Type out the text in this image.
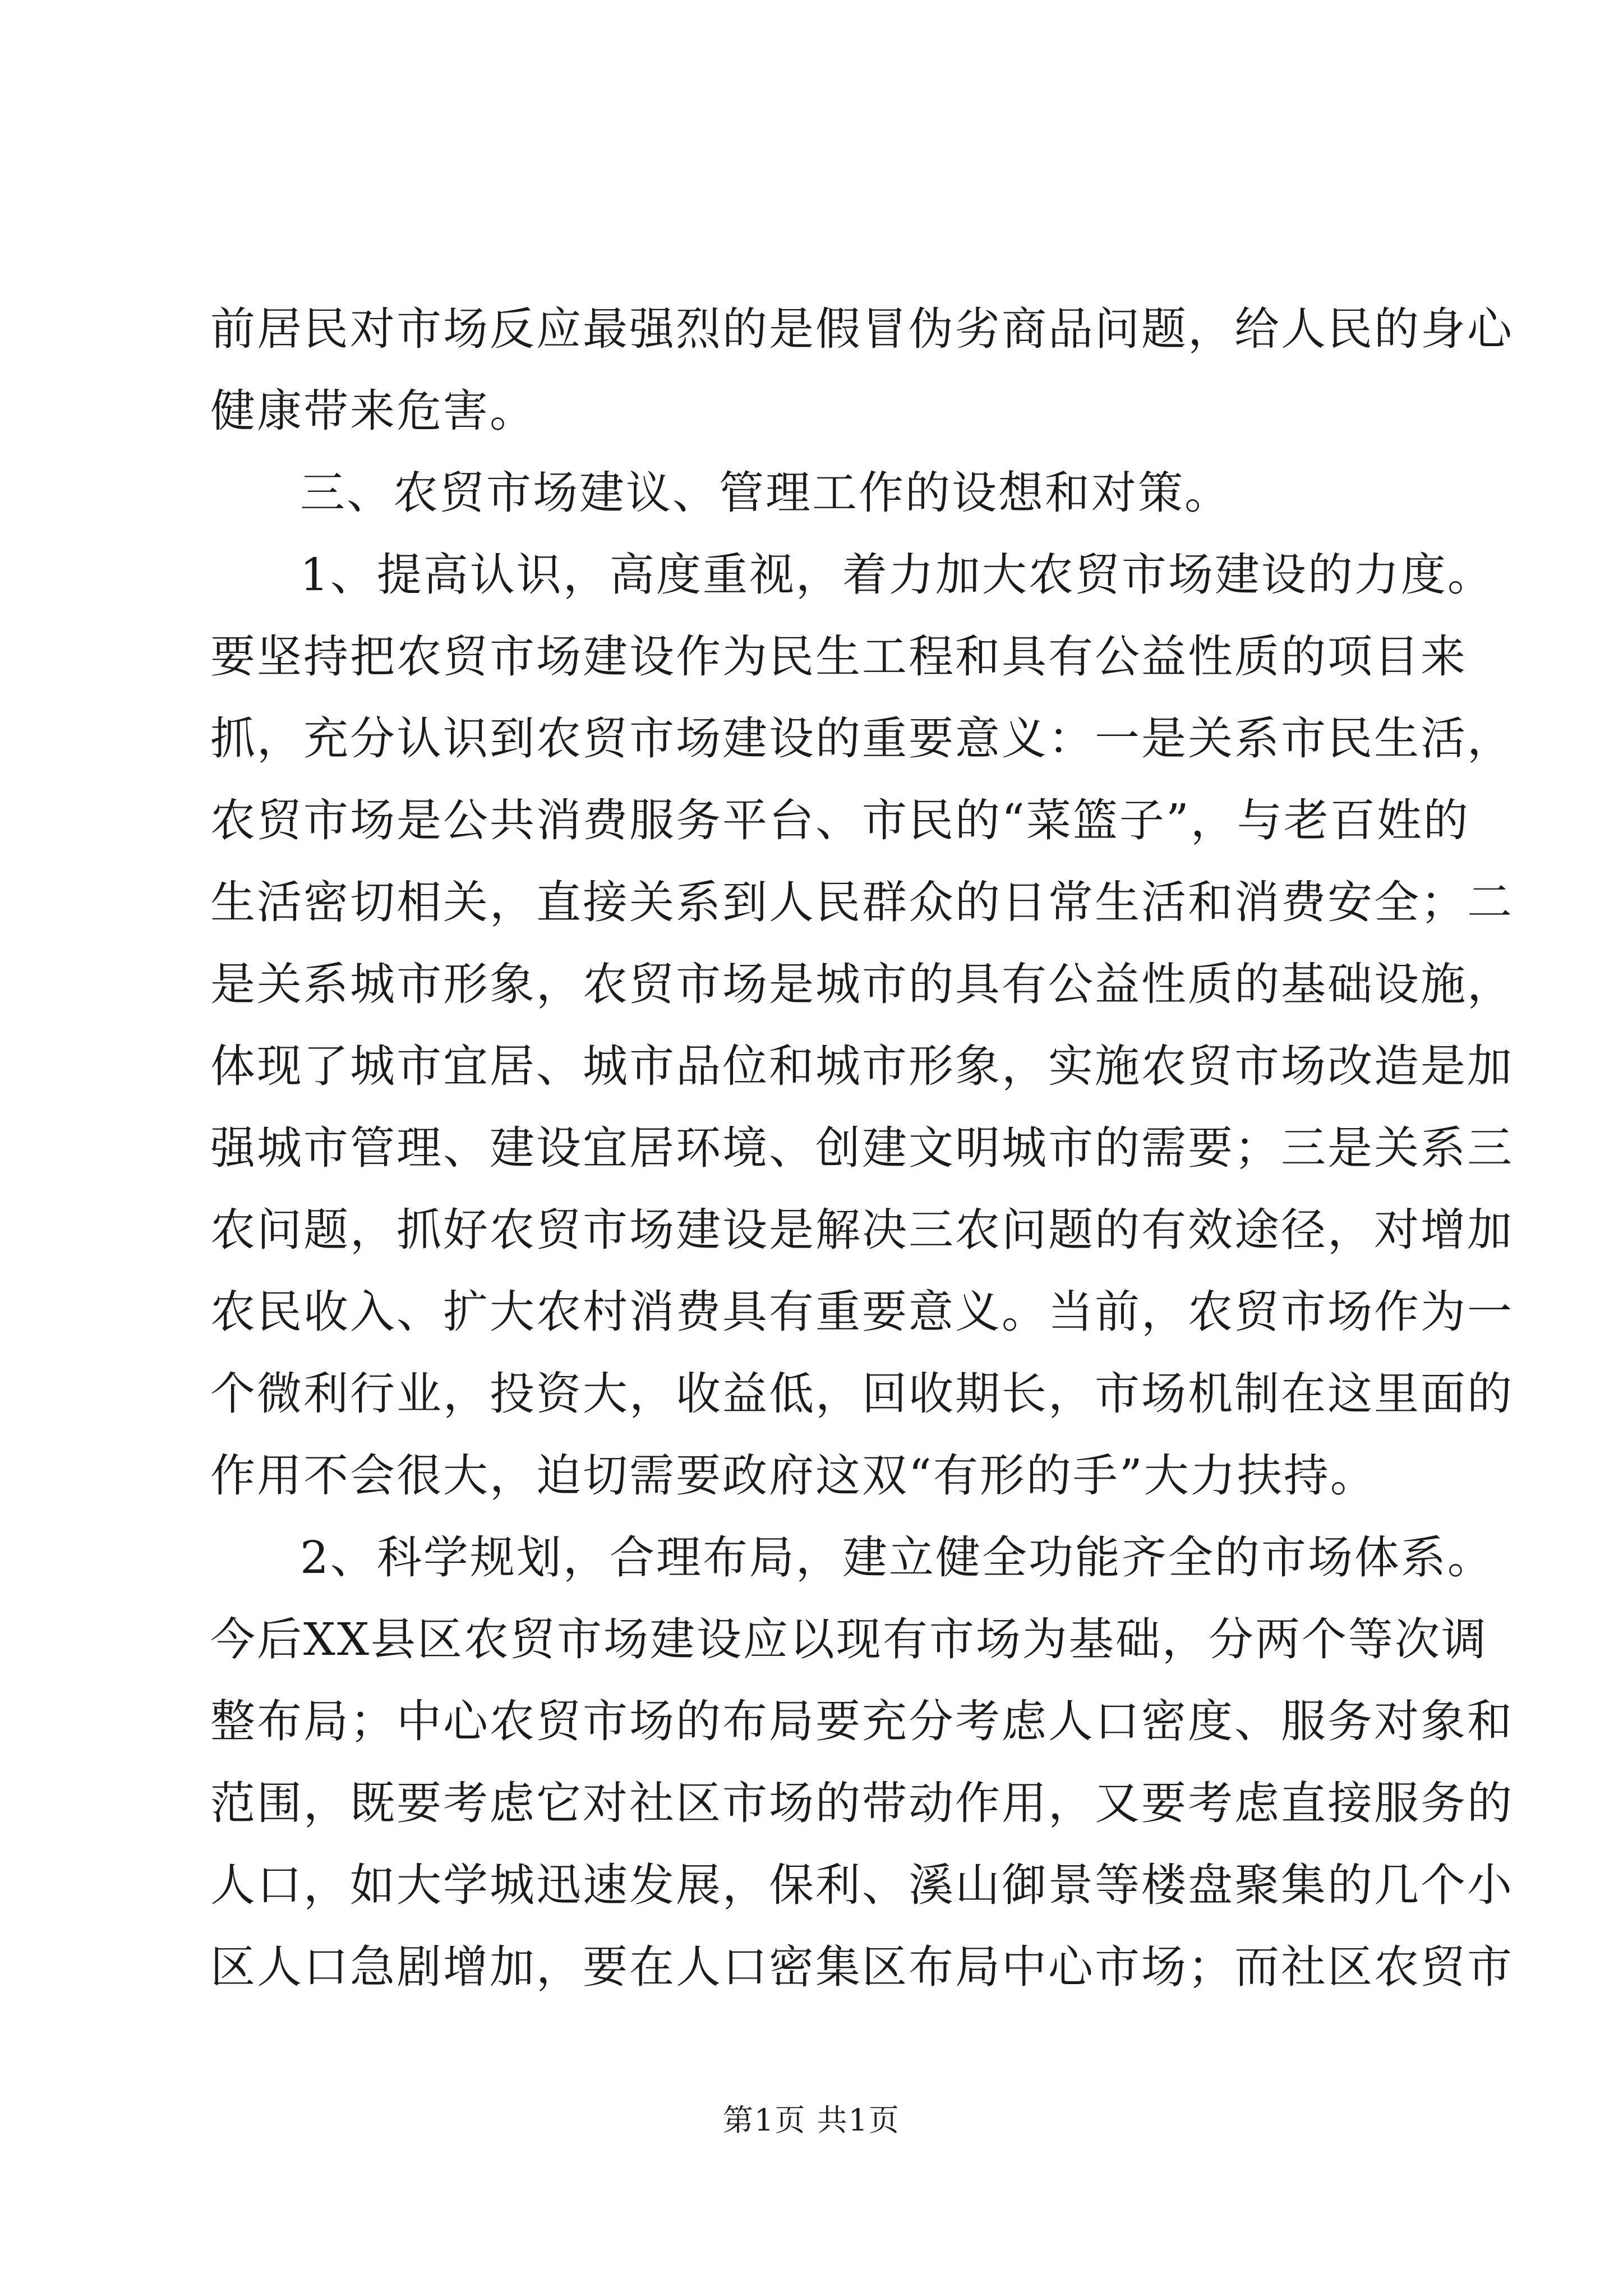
前居民对市场反应最强烈的是假冒伪劣商品问题，给人民的身心
健康带来危害。
三、农贸市场建议、管理工作的设想和对策。
1、提高认识，高度重视，着力加大农贸市场建设的力度。
要坚持把农贸市场建设作为民生工程和具有公益性质的项目来
抓，充分认识到农贸市场建设的重要意义：一是关系市民生活，
农贸市场是公共消费服务平台、市民的“菜篮子”，与老百姓的
生活密切相关，直接关系到人民群众的日常生活和消费安全；二
是关系城市形象，农贸市场是城市的具有公益性质的基础设施，
体现了城市宜居、城市品位和城市形象，实施农贸市场改造是加
强城市管理、建设宜居环境、创建文明城市的需要；三是关系三
农问题，抓好农贸市场建设是解决三农问题的有效途径，对增加
农民收入、扩大农村消费具有重要意义。当前，农贸市场作为一
个微利行业，投资大，收益低，回收期长，市场机制在这里面的
作用不会很大，迫切需要政府这双“有形的手”大力扶持。
2、科学规划，合理布局，建立健全功能齐全的市场体系。
今后XX县区农贸市场建设应以现有市场为基础，分两个等次调
整布局；中心农贸市场的布局要充分考虑人口密度、服务对象和
范围，既要考虑它对社区市场的带动作用，又要考虑直接服务的
人口，如大学城迅速发展，保利、溪山御景等楼盘聚集的几个小
区人口急剧增加，要在人口密集区布局中心市场；而社区农贸市
第1页 共1页
